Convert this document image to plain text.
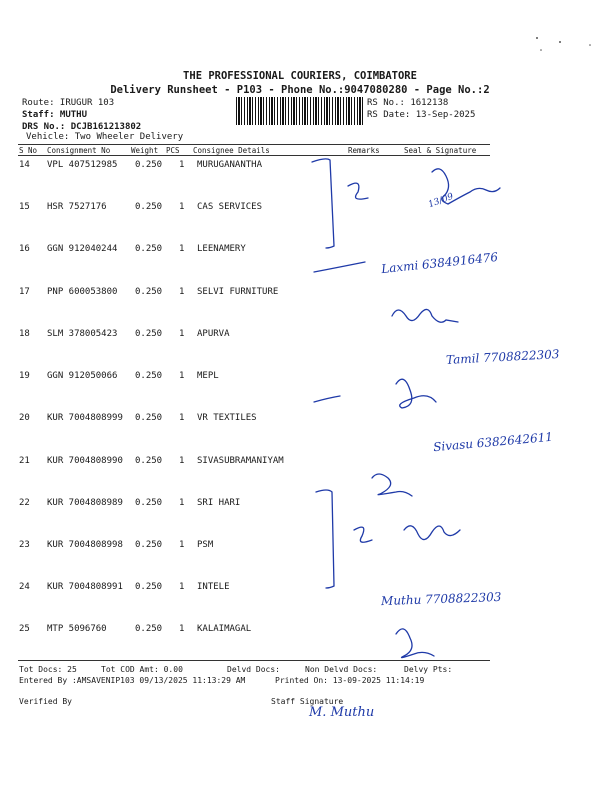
THE PROFESSIONAL COURIERS, COIMBATORE
Delivery Runsheet - P103 - Phone No.:9047080280 - Page No.:2
Route: IRUGUR 103
Staff: MUTHU
DRS No.: DCJB161213802
Vehicle: Two Wheeler Delivery
RS No.: 1612138
RS Date: 13-Sep-2025
S No Consignment No	Weight PCS Consignee Details	Remarks	Seal & Signature
14 VPL 407512985 0.250 1 MURUGANANTHA
15 HSR 7527176	0.250 1 CAS SERVICES
16 GGN 912040244 0.250 1 LEENAMERY
17 PNP 600053800 0.250 1 SELVI FURNITURE
18 SLM 378005423 0.250 1 APURVA
19 GGN 912050066 0.250 1 MEPL
20 KUR 7004808999 0.250 1 VR TEXTILES
21 KUR 7004808990 0.250 1 SIVASUBRAMANIYAM
22 KUR 7004808989 0.250 1 SRI HARI
23 KUR 7004808998 0.250 1 PSM
24 KUR 7004808991 0.250 1 INTELE
25 MTP 5096760	0.250 1 KALAIMAGAL
Tot Docs: 25	Tot COD Amt: 0.00	Delvd Docs:	Non Delvd Docs:	Delvy Pts:
Entered By :AMSAVENIP103 09/13/2025 11:13:29 AM	Printed On: 13-09-2025 11:14:19
Verified By	Staff Signature
Laxmi 6384916476
Tamil 7708822303
Sivasu 6382642611
Muthu 7708822303
M. Muthu
13/09
